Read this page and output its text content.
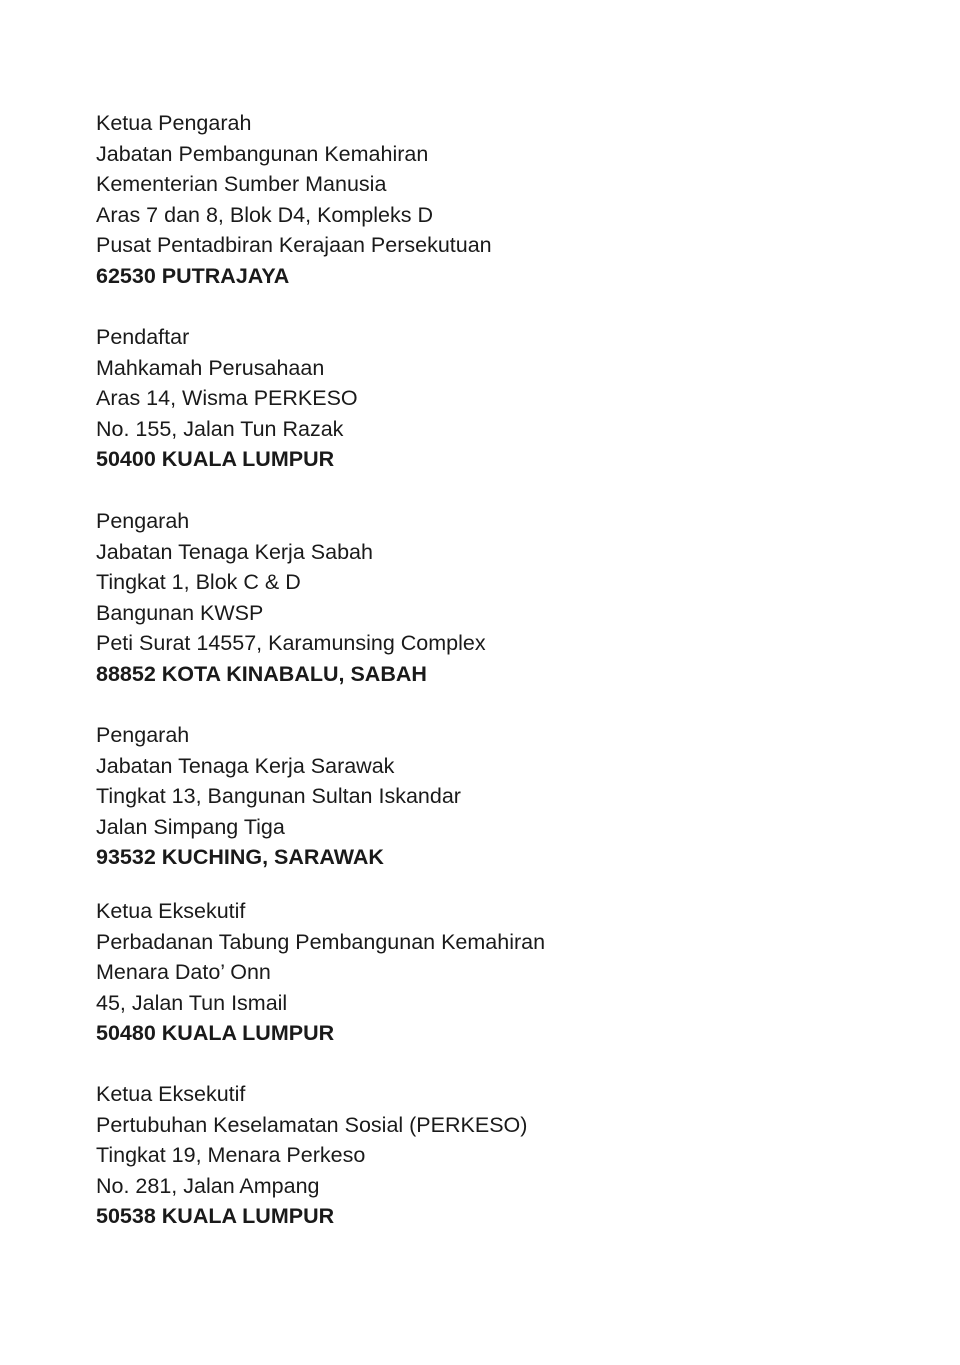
Ketua Pengarah
Jabatan Pembangunan Kemahiran
Kementerian Sumber Manusia
Aras 7 dan 8, Blok D4, Kompleks D
Pusat Pentadbiran Kerajaan Persekutuan
62530 PUTRAJAYA
Pendaftar
Mahkamah Perusahaan
Aras 14, Wisma PERKESO
No. 155, Jalan Tun Razak
50400 KUALA LUMPUR
Pengarah
Jabatan Tenaga Kerja Sabah
Tingkat 1, Blok C & D
Bangunan KWSP
Peti Surat 14557, Karamunsing Complex
88852 KOTA KINABALU, SABAH
Pengarah
Jabatan Tenaga Kerja Sarawak
Tingkat 13, Bangunan Sultan Iskandar
Jalan Simpang Tiga
93532 KUCHING, SARAWAK
Ketua Eksekutif
Perbadanan Tabung Pembangunan Kemahiran
Menara Dato’ Onn
45, Jalan Tun Ismail
50480 KUALA LUMPUR
Ketua Eksekutif
Pertubuhan Keselamatan Sosial (PERKESO)
Tingkat 19, Menara Perkeso
No. 281, Jalan Ampang
50538 KUALA LUMPUR
